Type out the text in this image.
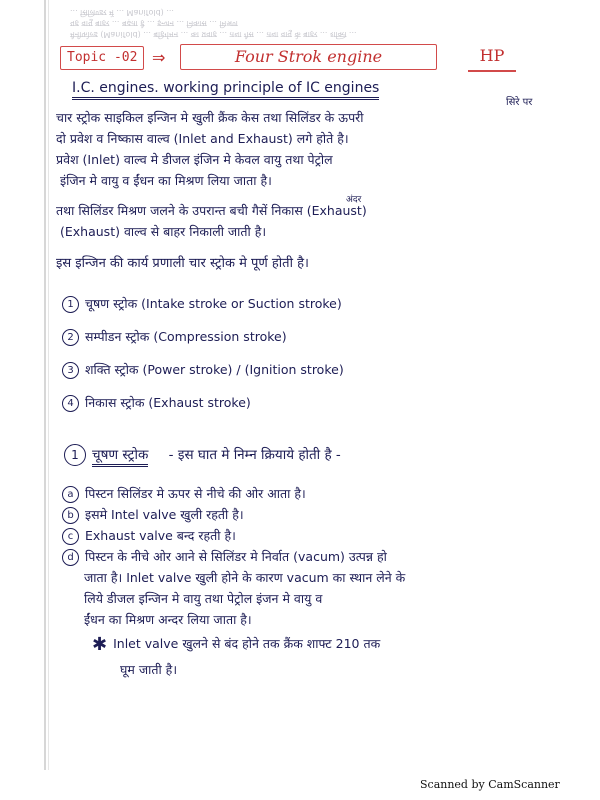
मैनीफोल्ड (Manifold) ... बहिर्गमन ... का प्रवाह ... तथा गैस ... तथा वायु के बाहर ... शक्ति ...
यह वायु बाहर ... बढ़ता है ... इन्जन ... निकास ... मिश्रण
... सिलिण्डर में ... Manifold) ...
Topic -02 ⇒	Four Strok engine	HP
I.C. engines. working principle of IC engines
सिरे पर
चार स्ट्रोक साइकिल इन्जिन मे खुली क्रैंक केस तथा सिलिंडर के ऊपरी
दो प्रवेश व निष्कास वाल्व (Inlet and Exhaust) लगे होते है।
प्रवेश (Inlet) वाल्व मे डीजल इंजिन मे केवल वायु तथा पेट्रोल
इंजिन मे वायु व ईंधन का मिश्रण लिया जाता है।
अंदर
तथा सिलिंडर मिश्रण जलने के उपरान्त बची गैसें निकास (Exhaust)
(Exhaust) वाल्व से बाहर निकाली जाती है।
इस इन्जिन की कार्य प्रणाली चार स्ट्रोक मे पूर्ण होती है।
1 चूषण स्ट्रोक (Intake stroke or Suction stroke)
2 सम्पीडन स्ट्रोक (Compression stroke)
3 शक्ति स्ट्रोक (Power stroke) / (Ignition stroke)
4 निकास स्ट्रोक (Exhaust stroke)
1 चूषण स्ट्रोक - इस घात मे निम्न क्रियाये होती है -
a पिस्टन सिलिंडर मे ऊपर से नीचे की ओर आता है।
b इसमे Intel valve खुली रहती है।
c Exhaust valve बन्द रहती है।
d पिस्टन के नीचे ओर आने से सिलिंडर मे निर्वात (vacum) उत्पन्न हो
जाता है। Inlet valve खुली होने के कारण vacum का स्थान लेने के
लिये डीजल इन्जिन मे वायु तथा पेट्रोल इंजन मे वायु व
ईंधन का मिश्रण अन्दर लिया जाता है।
✱ Inlet valve खुलने से बंद होने तक क्रैंक शाफ्ट 210 तक
घूम जाती है।
Scanned by CamScanner
